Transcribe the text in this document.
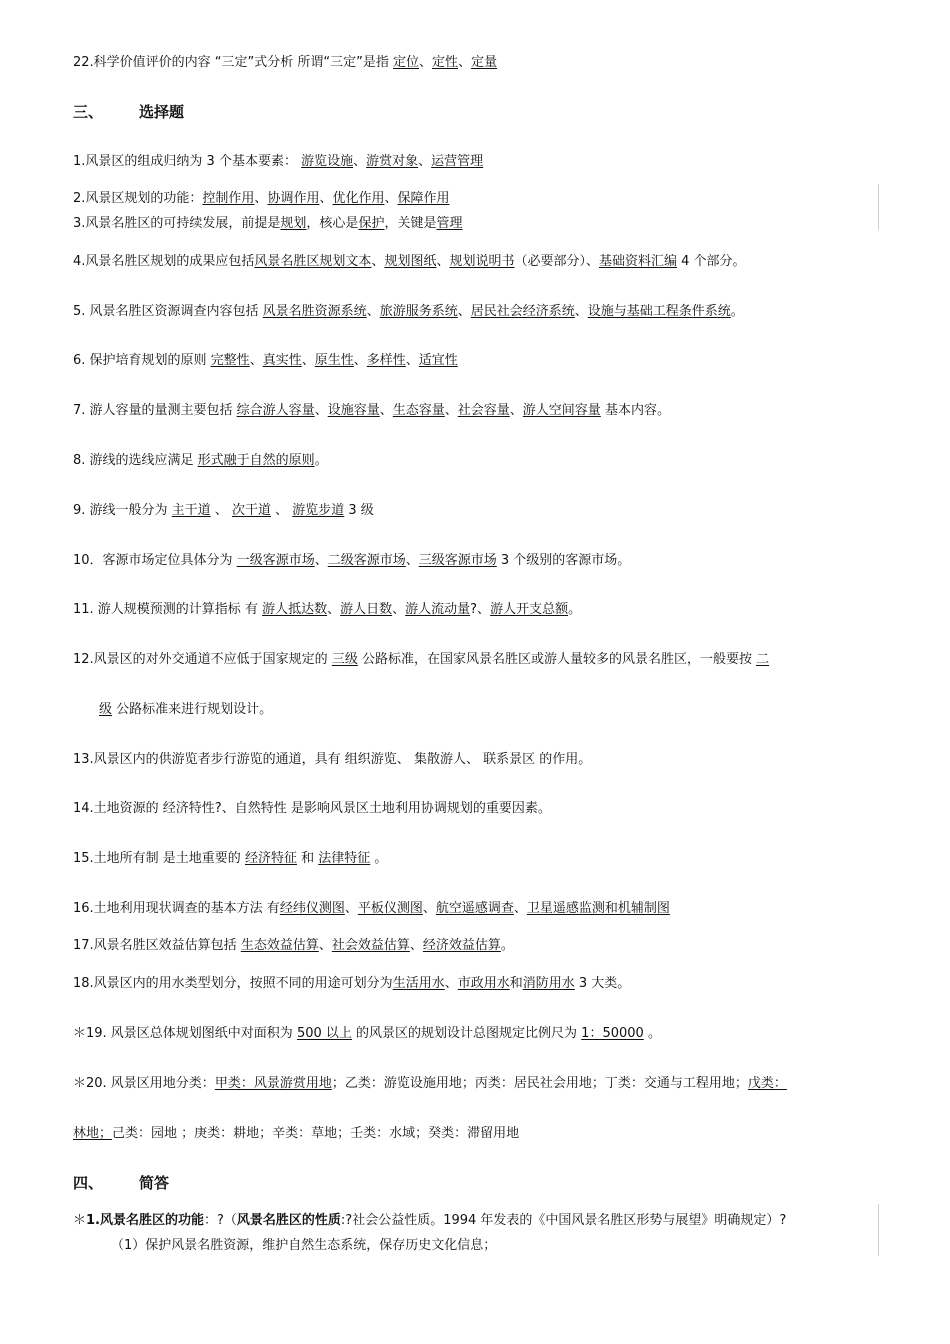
22.科学价值评价的内容 “三定”式分析 所谓“三定”是指 定位、定性、定量
三、 选择题
1.风景区的组成归纳为 3 个基本要素： 游览设施、游赏对象、运营管理
2.风景区规划的功能：控制作用、协调作用、优化作用、保障作用
3.风景名胜区的可持续发展，前提是规划，核心是保护，关键是管理
4.风景名胜区规划的成果应包括风景名胜区规划文本、规划图纸、规划说明书（必要部分）、基础资料汇编 4 个部分。
5. 风景名胜区资源调查内容包括 风景名胜资源系统、旅游服务系统、居民社会经济系统、设施与基础工程条件系统。
6. 保护培育规划的原则 完整性、真实性、原生性、多样性、适宜性
7. 游人容量的量测主要包括 综合游人容量、设施容量、生态容量、社会容量、游人空间容量 基本内容。
8. 游线的选线应满足 形式融于自然的原则。
9. 游线一般分为 主干道 、 次干道 、 游览步道 3 级
10．客源市场定位具体分为 一级客源市场、二级客源市场、三级客源市场 3 个级别的客源市场。
11. 游人规模预测的计算指标 有 游人抵达数、游人日数、游人流动量?、游人开支总额。
12.风景区的对外交通道不应低于国家规定的 三级 公路标准，在国家风景名胜区或游人量较多的风景名胜区，一般要按 二
级 公路标准来进行规划设计。
13.风景区内的供游览者步行游览的通道，具有 组织游览、 集散游人、 联系景区 的作用。
14.土地资源的 经济特性?、自然特性 是影响风景区土地利用协调规划的重要因素。
15.土地所有制 是土地重要的 经济特征 和 法律特征 。
16.土地利用现状调查的基本方法 有经纬仪测图、平板仪测图、航空遥感调查、卫星遥感监测和机辅制图
17.风景名胜区效益估算包括 生态效益估算、社会效益估算、经济效益估算。
18.风景区内的用水类型划分，按照不同的用途可划分为生活用水、市政用水和消防用水 3 大类。
＊19. 风景区总体规划图纸中对面积为 500 以上 的风景区的规划设计总图规定比例尺为 1：50000 。
＊20. 风景区用地分类：甲类：风景游赏用地；乙类：游览设施用地；丙类：居民社会用地；丁类：交通与工程用地；戊类：
林地；己类：园地 ；庚类：耕地；辛类：草地；壬类：水域；癸类：滞留用地
四、 简答
＊1.风景名胜区的功能：?（风景名胜区的性质:?社会公益性质。1994 年发表的《中国风景名胜区形势与展望》明确规定）?
（1）保护风景名胜资源，维护自然生态系统，保存历史文化信息；
